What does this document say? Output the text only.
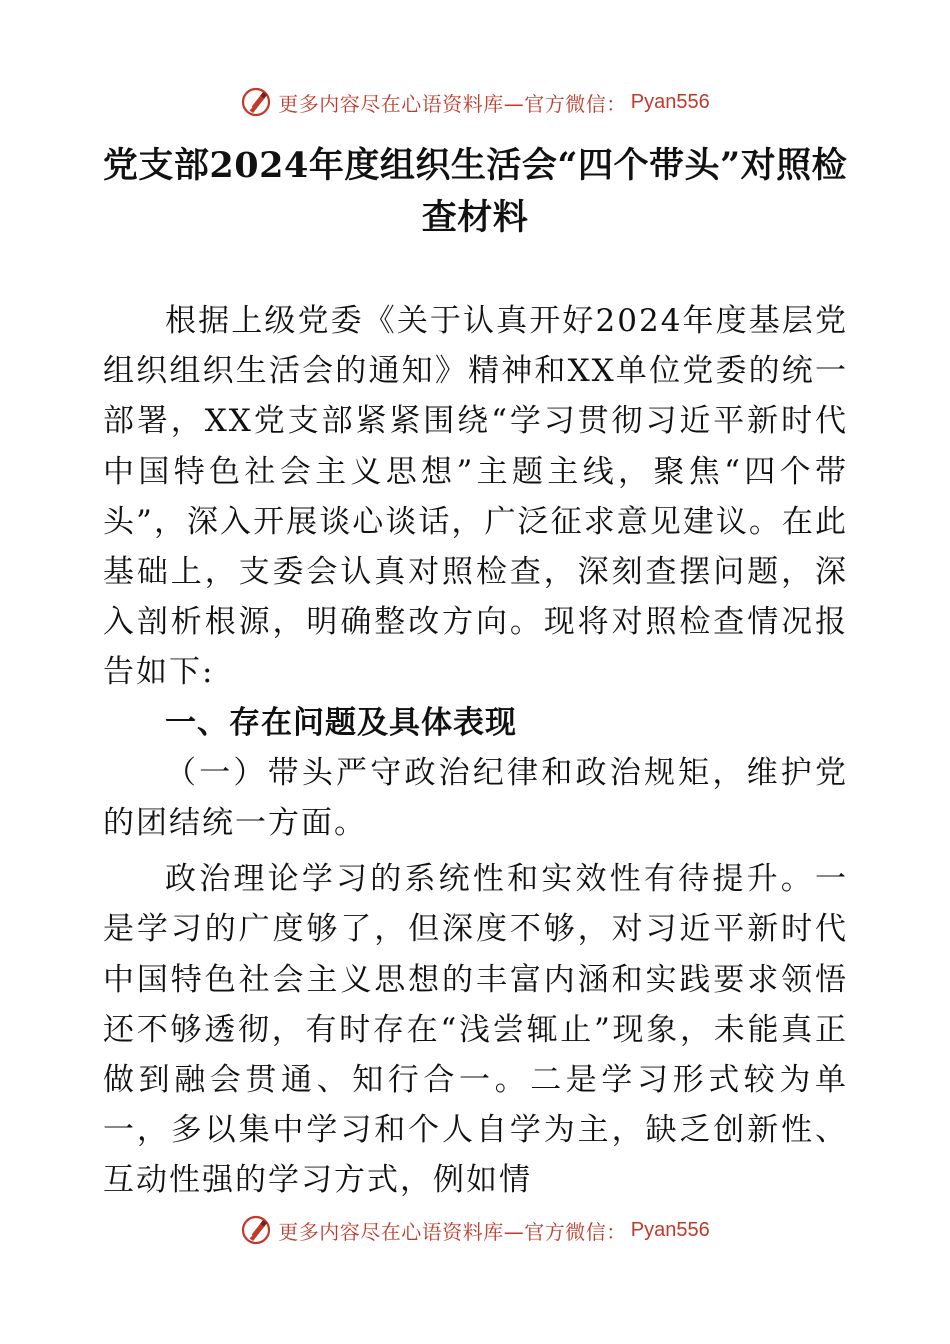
更多内容尽在心语资料库—官方微信： Pyan556
党支部2024年度组织生活会“四个带头”对照检查材料

根据上级党委《关于认真开好2024年度基层党组织组织生活会的通知》精神和XX单位党委的统一部署，XX党支部紧紧围绕“学习贯彻习近平新时代中国特色社会主义思想”主题主线，聚焦“四个带头”，深入开展谈心谈话，广泛征求意见建议。在此基础上，支委会认真对照检查，深刻查摆问题，深入剖析根源，明确整改方向。现将对照检查情况报告如下:

一、存在问题及具体表现

（一）带头严守政治纪律和政治规矩，维护党的团结统一方面。

政治理论学习的系统性和实效性有待提升。一是学习的广度够了，但深度不够，对习近平新时代中国特色社会主义思想的丰富内涵和实践要求领悟还不够透彻，有时存在“浅尝辄止”现象，未能真正做到融会贯通、知行合一。二是学习形式较为单一，多以集中学习和个人自学为主，缺乏创新性、互动性强的学习方式，例如情

更多内容尽在心语资料库—官方微信： Pyan556
